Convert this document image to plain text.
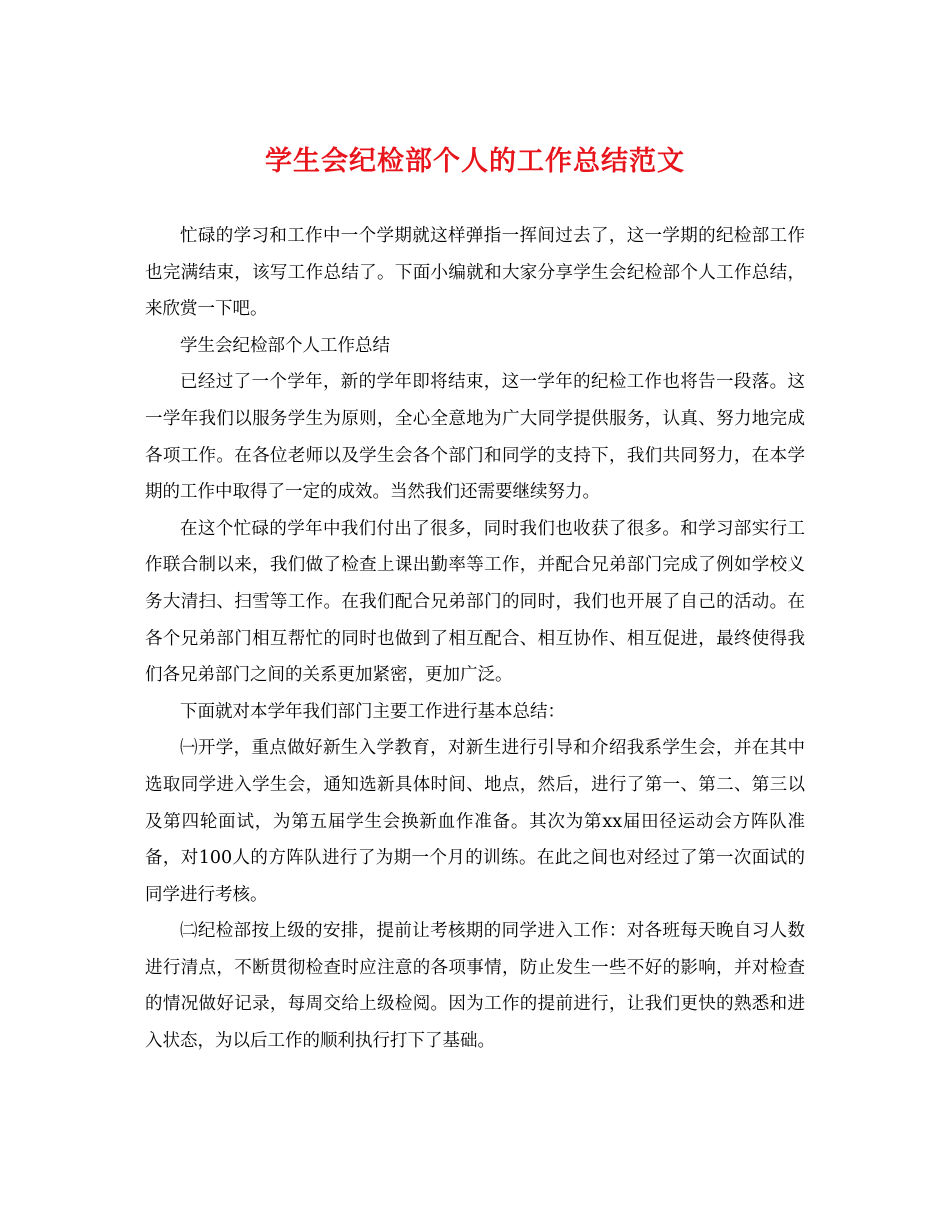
学生会纪检部个人的工作总结范文

忙碌的学习和工作中一个学期就这样弹指一挥间过去了，这一学期的纪检部工作也完满结束，该写工作总结了。下面小编就和大家分享学生会纪检部个人工作总结，来欣赏一下吧。

学生会纪检部个人工作总结

已经过了一个学年，新的学年即将结束，这一学年的纪检工作也将告一段落。这一学年我们以服务学生为原则，全心全意地为广大同学提供服务，认真、努力地完成各项工作。在各位老师以及学生会各个部门和同学的支持下，我们共同努力，在本学期的工作中取得了一定的成效。当然我们还需要继续努力。

在这个忙碌的学年中我们付出了很多，同时我们也收获了很多。和学习部实行工作联合制以来，我们做了检查上课出勤率等工作，并配合兄弟部门完成了例如学校义务大清扫、扫雪等工作。在我们配合兄弟部门的同时，我们也开展了自己的活动。在各个兄弟部门相互帮忙的同时也做到了相互配合、相互协作、相互促进，最终使得我们各兄弟部门之间的关系更加紧密，更加广泛。

下面就对本学年我们部门主要工作进行基本总结：

㈠开学，重点做好新生入学教育，对新生进行引导和介绍我系学生会，并在其中选取同学进入学生会，通知选新具体时间、地点，然后，进行了第一、第二、第三以及第四轮面试，为第五届学生会换新血作准备。其次为第xx届田径运动会方阵队准备，对100人的方阵队进行了为期一个月的训练。在此之间也对经过了第一次面试的同学进行考核。

㈡纪检部按上级的安排，提前让考核期的同学进入工作：对各班每天晚自习人数进行清点，不断贯彻检查时应注意的各项事情，防止发生一些不好的影响，并对检查的情况做好记录，每周交给上级检阅。因为工作的提前进行，让我们更快的熟悉和进入状态，为以后工作的顺利执行打下了基础。
